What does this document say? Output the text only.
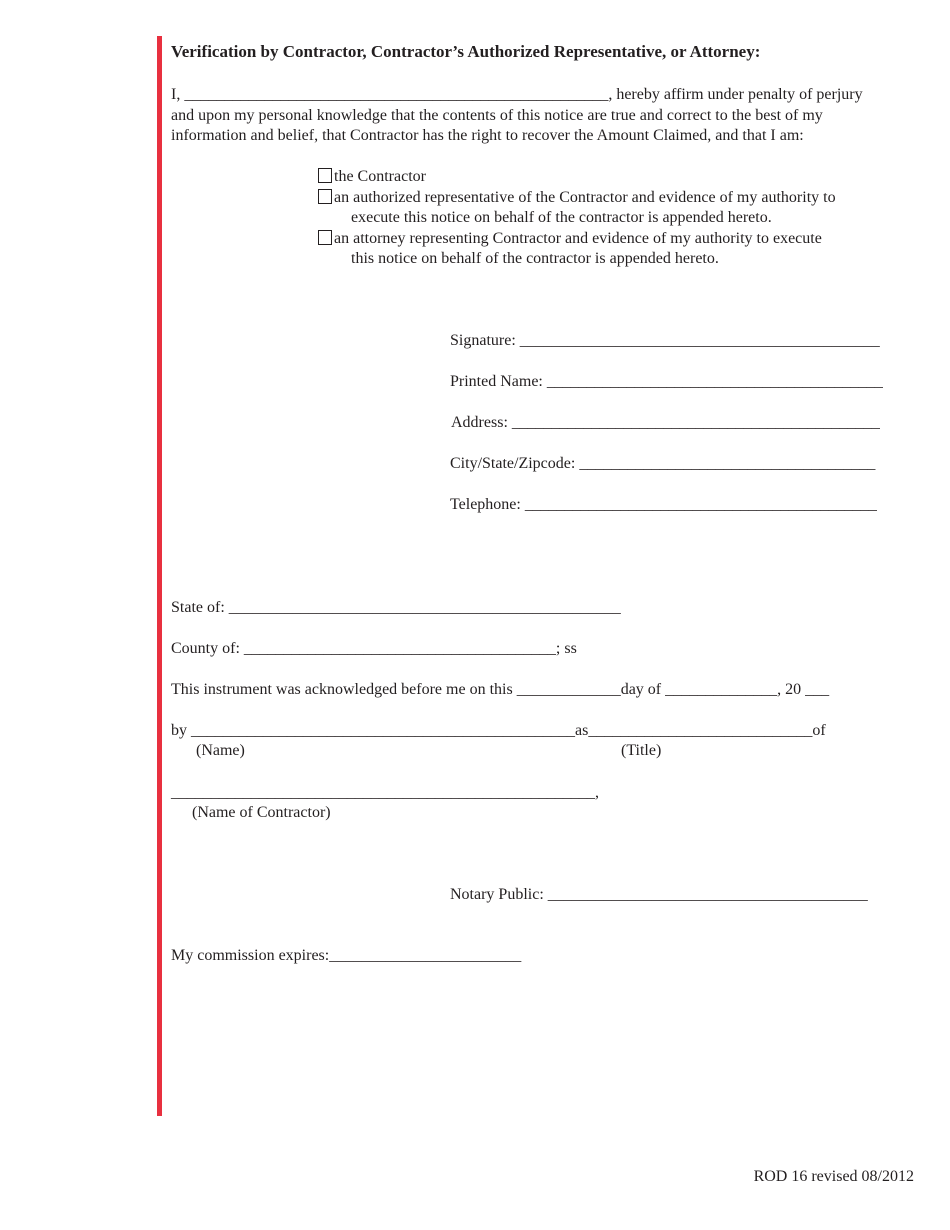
Verification by Contractor, Contractor’s Authorized Representative, or Attorney:
I, _____________________________________________________, hereby affirm under penalty of perjury
and upon my personal knowledge that the contents of this notice are true and correct to the best of my
information and belief, that Contractor has the right to recover the Amount Claimed, and that I am:
the Contractor
an authorized representative of the Contractor and evidence of my authority to
execute this notice on behalf of the contractor is appended hereto.
an attorney representing Contractor and evidence of my authority to execute
this notice on behalf of the contractor is appended hereto.
Signature: _____________________________________________
Printed Name: __________________________________________
Address: ______________________________________________
City/State/Zipcode: _____________________________________
Telephone: ____________________________________________
State of: _________________________________________________
County of: _______________________________________; ss
This instrument was acknowledged before me on this _____________day of ______________, 20 ___
by ________________________________________________as____________________________of
(Name)	(Title)
_____________________________________________________,
(Name of Contractor)
Notary Public: ________________________________________
My commission expires:________________________
ROD 16 revised 08/2012
